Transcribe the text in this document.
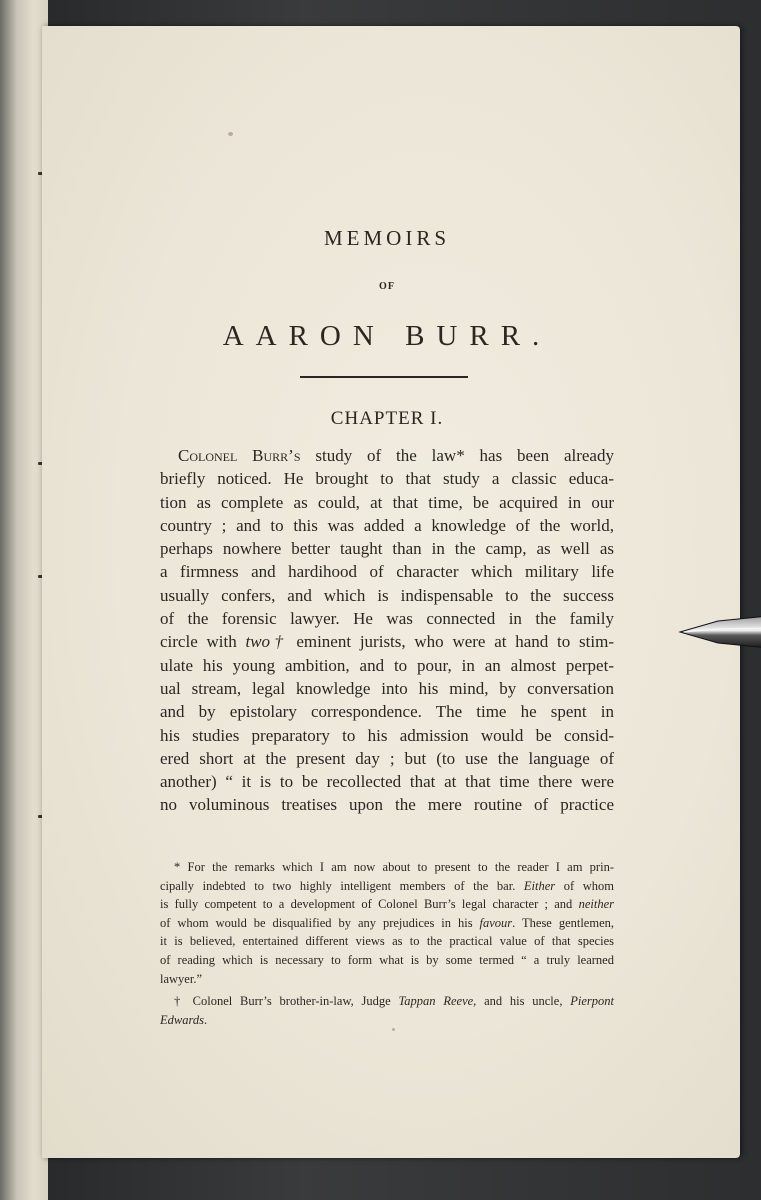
MEMOIRS
OF
AARON BURR.
CHAPTER I.
Colonel Burr’s study of the law* has been already
briefly noticed. He brought to that study a classic educa-
tion as complete as could, at that time, be acquired in our
country ; and to this was added a knowledge of the world,
perhaps nowhere better taught than in the camp, as well as
a firmness and hardihood of character which military life
usually confers, and which is indispensable to the success
of the forensic lawyer. He was connected in the family
circle with two† eminent jurists, who were at hand to stim-
ulate his young ambition, and to pour, in an almost perpet-
ual stream, legal knowledge into his mind, by conversation
and by epistolary correspondence. The time he spent in
his studies preparatory to his admission would be consid-
ered short at the present day ; but (to use the language of
another) “ it is to be recollected that at that time there were
no voluminous treatises upon the mere routine of practice
* For the remarks which I am now about to present to the reader I am prin-
cipally indebted to two highly intelligent members of the bar. Either of whom
is fully competent to a development of Colonel Burr’s legal character ; and neither
of whom would be disqualified by any prejudices in his favour. These gentlemen,
it is believed, entertained different views as to the practical value of that species
of reading which is necessary to form what is by some termed “ a truly learned
lawyer.”
† Colonel Burr’s brother-in-law, Judge Tappan Reeve, and his uncle, Pierpont
Edwards.
